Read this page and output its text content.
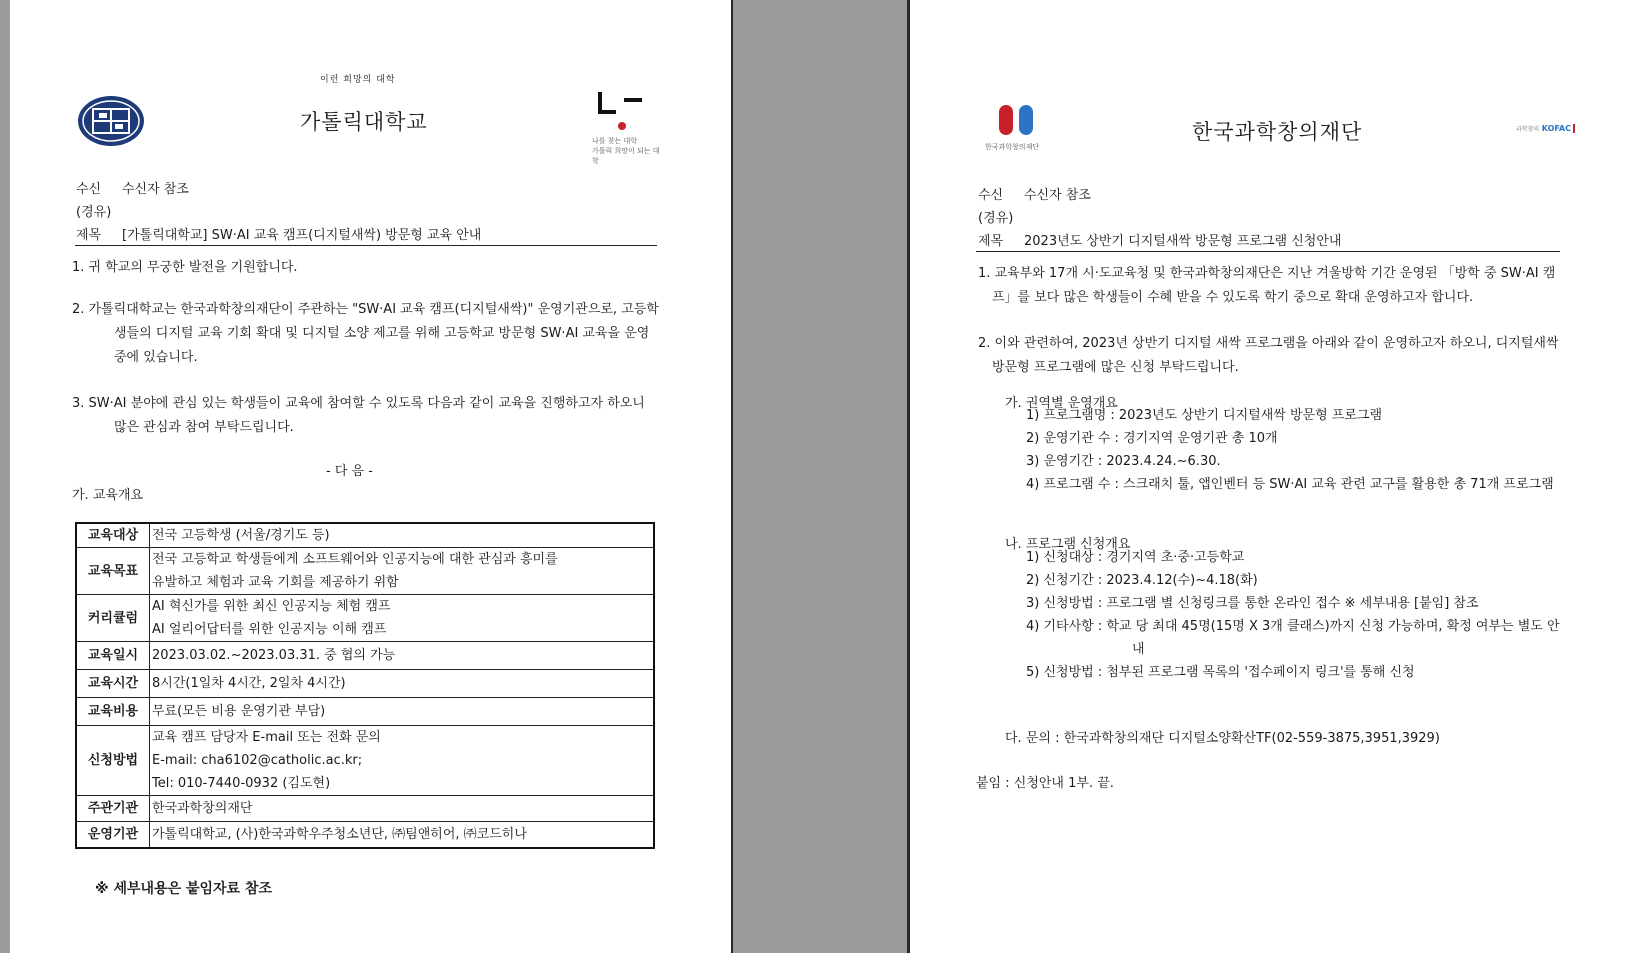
이런 희망의 대학
가톨릭대학교
나를 찾는 대학
가톨릭 희망이 되는 대학
수신 수신자 참조
(경유)
제목 [가톨릭대학교] SW·AI 교육 캠프(디지털새싹) 방문형 교육 안내
1. 귀 학교의 무궁한 발전을 기원합니다.
2. 가톨릭대학교는 한국과학창의재단이 주관하는 "SW·AI 교육 캠프(디지털새싹)" 운영기관으로, 고등학생들의 디지털 교육 기회 확대 및 디지털 소양 제고를 위해 고등학교 방문형 SW·AI 교육을 운영 중에 있습니다.
3. SW·AI 분야에 관심 있는 학생들이 교육에 참여할 수 있도록 다음과 같이 교육을 진행하고자 하오니 많은 관심과 참여 부탁드립니다.
- 다 음 -
가. 교육개요
교육대상	전국 고등학생 (서울/경기도 등)

교육목표	전국 고등학교 학생들에게 소프트웨어와 인공지능에 대한 관심과 흥미를
유발하고 체험과 교육 기회를 제공하기 위함

커리큘럼	AI 혁신가를 위한 최신 인공지능 체험 캠프
AI 얼리어답터를 위한 인공지능 이해 캠프

교육일시	2023.03.02.~2023.03.31. 중 협의 가능

교육시간	8시간(1일차 4시간, 2일차 4시간)

교육비용	무료(모든 비용 운영기관 부담)

신청방법	교육 캠프 담당자 E-mail 또는 전화 문의
E-mail: cha6102@catholic.ac.kr;
Tel: 010-7440-0932 (김도현)

주관기관	한국과학창의재단

운영기관	가톨릭대학교, (사)한국과학우주청소년단, ㈜팀앤히어, ㈜코드히나
※ 세부내용은 붙임자료 참조
한국과학창의재단
한국과학창의재단	과학창의 KOFAC
수신 수신자 참조
(경유)
제목 2023년도 상반기 디지털새싹 방문형 프로그램 신청안내
1. 교육부와 17개 시·도교육청 및 한국과학창의재단은 지난 겨울방학 기간 운영된 「방학 중 SW·AI 캠프」를 보다 많은 학생들이 수혜 받을 수 있도록 학기 중으로 확대 운영하고자 합니다.
2. 이와 관련하여, 2023년 상반기 디지털 새싹 프로그램을 아래와 같이 운영하고자 하오니, 디지털새싹 방문형 프로그램에 많은 신청 부탁드립니다.
가. 권역별 운영개요
1) 프로그램명 : 2023년도 상반기 디지털새싹 방문형 프로그램
2) 운영기관 수 : 경기지역 운영기관 총 10개
3) 운영기간 : 2023.4.24.~6.30.
4) 프로그램 수 : 스크래치 툴, 앱인벤터 등 SW·AI 교육 관련 교구를 활용한 총 71개 프로그램
나. 프로그램 신청개요
1) 신청대상 : 경기지역 초·중·고등학교
2) 신청기간 : 2023.4.12(수)~4.18(화)
3) 신청방법 : 프로그램 별 신청링크를 통한 온라인 접수 ※ 세부내용 [붙임] 참조
4) 기타사항 : 학교 당 최대 45명(15명 X 3개 클래스)까지 신청 가능하며, 확정 여부는 별도 안내
5) 신청방법 : 첨부된 프로그램 목록의 '접수페이지 링크'를 통해 신청
다. 문의 : 한국과학창의재단 디지털소양확산TF(02-559-3875,3951,3929)
붙임 : 신청안내 1부. 끝.
